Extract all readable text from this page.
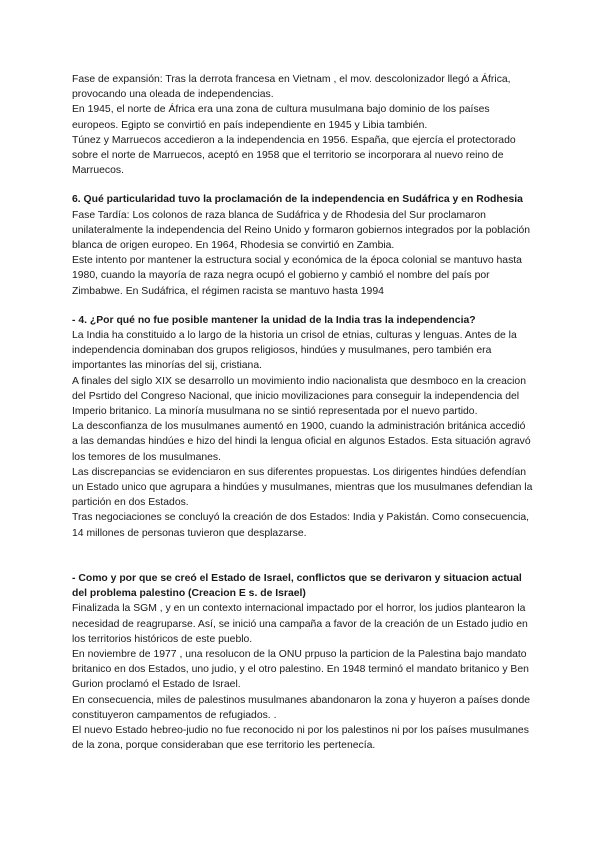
Fase de expansión: Tras la derrota francesa en Vietnam , el mov. descolonizador llegó a África, provocando una oleada de independencias.

En 1945, el norte de África era una zona de cultura musulmana bajo dominio de los países europeos. Egipto se convirtió en país independiente en 1945 y Libia también.

Túnez y Marruecos accedieron a la independencia en 1956. España, que ejercía el protectorado sobre el norte de Marruecos, aceptó en 1958 que el territorio se incorporara al nuevo reino de Marruecos.

6. Qué particularidad tuvo la proclamación de la independencia en Sudáfrica y en Rodhesia

Fase Tardía: Los colonos de raza blanca de Sudáfrica y de Rhodesia del Sur proclamaron unilateralmente la independencia del Reino Unido y formaron gobiernos integrados por la población blanca de origen europeo. En 1964, Rhodesia se convirtió en Zambia.

Este intento por mantener la estructura social y económica de la época colonial se mantuvo hasta 1980, cuando la mayoría de raza negra ocupó el gobierno y cambió el nombre del país por Zimbabwe. En Sudáfrica, el régimen racista se mantuvo hasta 1994

- 4. ¿Por qué no fue posible mantener la unidad de la India tras la independencia?

La India ha constituido a lo largo de la historia un crisol de etnias, culturas y lenguas. Antes de la independencia dominaban dos grupos religiosos, hindúes y musulmanes, pero también era importantes las minorías del sij, cristiana.

A finales del siglo XIX se desarrollo un movimiento indio nacionalista que desmboco en la creacion del Psrtido del Congreso Nacional, que inicio movilizaciones para conseguir la independencia del Imperio britanico. La minoría musulmana no se sintió representada por el nuevo partido.

La desconfianza de los musulmanes aumentó en 1900, cuando la administración británica accedió a las demandas hindúes e hizo del hindi la lengua oficial en algunos Estados. Esta situación agravó los temores de los musulmanes.

Las discrepancias se evidenciaron en sus diferentes propuestas. Los dirigentes hindúes defendían un Estado unico que agrupara a hindúes y musulmanes, mientras que los musulmanes defendian la partición en dos Estados.

Tras negociaciones se concluyó la creación de dos Estados: India y Pakistán. Como consecuencia, 14 millones de personas tuvieron que desplazarse.

- Como y por que se creó el Estado de Israel, conflictos que se derivaron y situacion actual del problema palestino (Creacion E s. de Israel)

Finalizada la SGM , y en un contexto internacional impactado por el horror, los judios plantearon la necesidad de reagruparse. Así, se inició una campaña a favor de la creación de un Estado judio en los territorios históricos de este pueblo.

En noviembre de 1977 , una resolucon de la ONU prpuso la particion de la Palestina bajo mandato britanico en dos Estados, uno judio, y el otro palestino. En 1948 terminó el mandato britanico y Ben Gurion proclamó el Estado de Israel.

En consecuencia, miles de palestinos musulmanes abandonaron la zona y huyeron a países donde constituyeron campamentos de refugiados. .

El nuevo Estado hebreo-judio no fue reconocido ni por los palestinos ni por los países musulmanes de la zona, porque consideraban que ese territorio les pertenecía.
